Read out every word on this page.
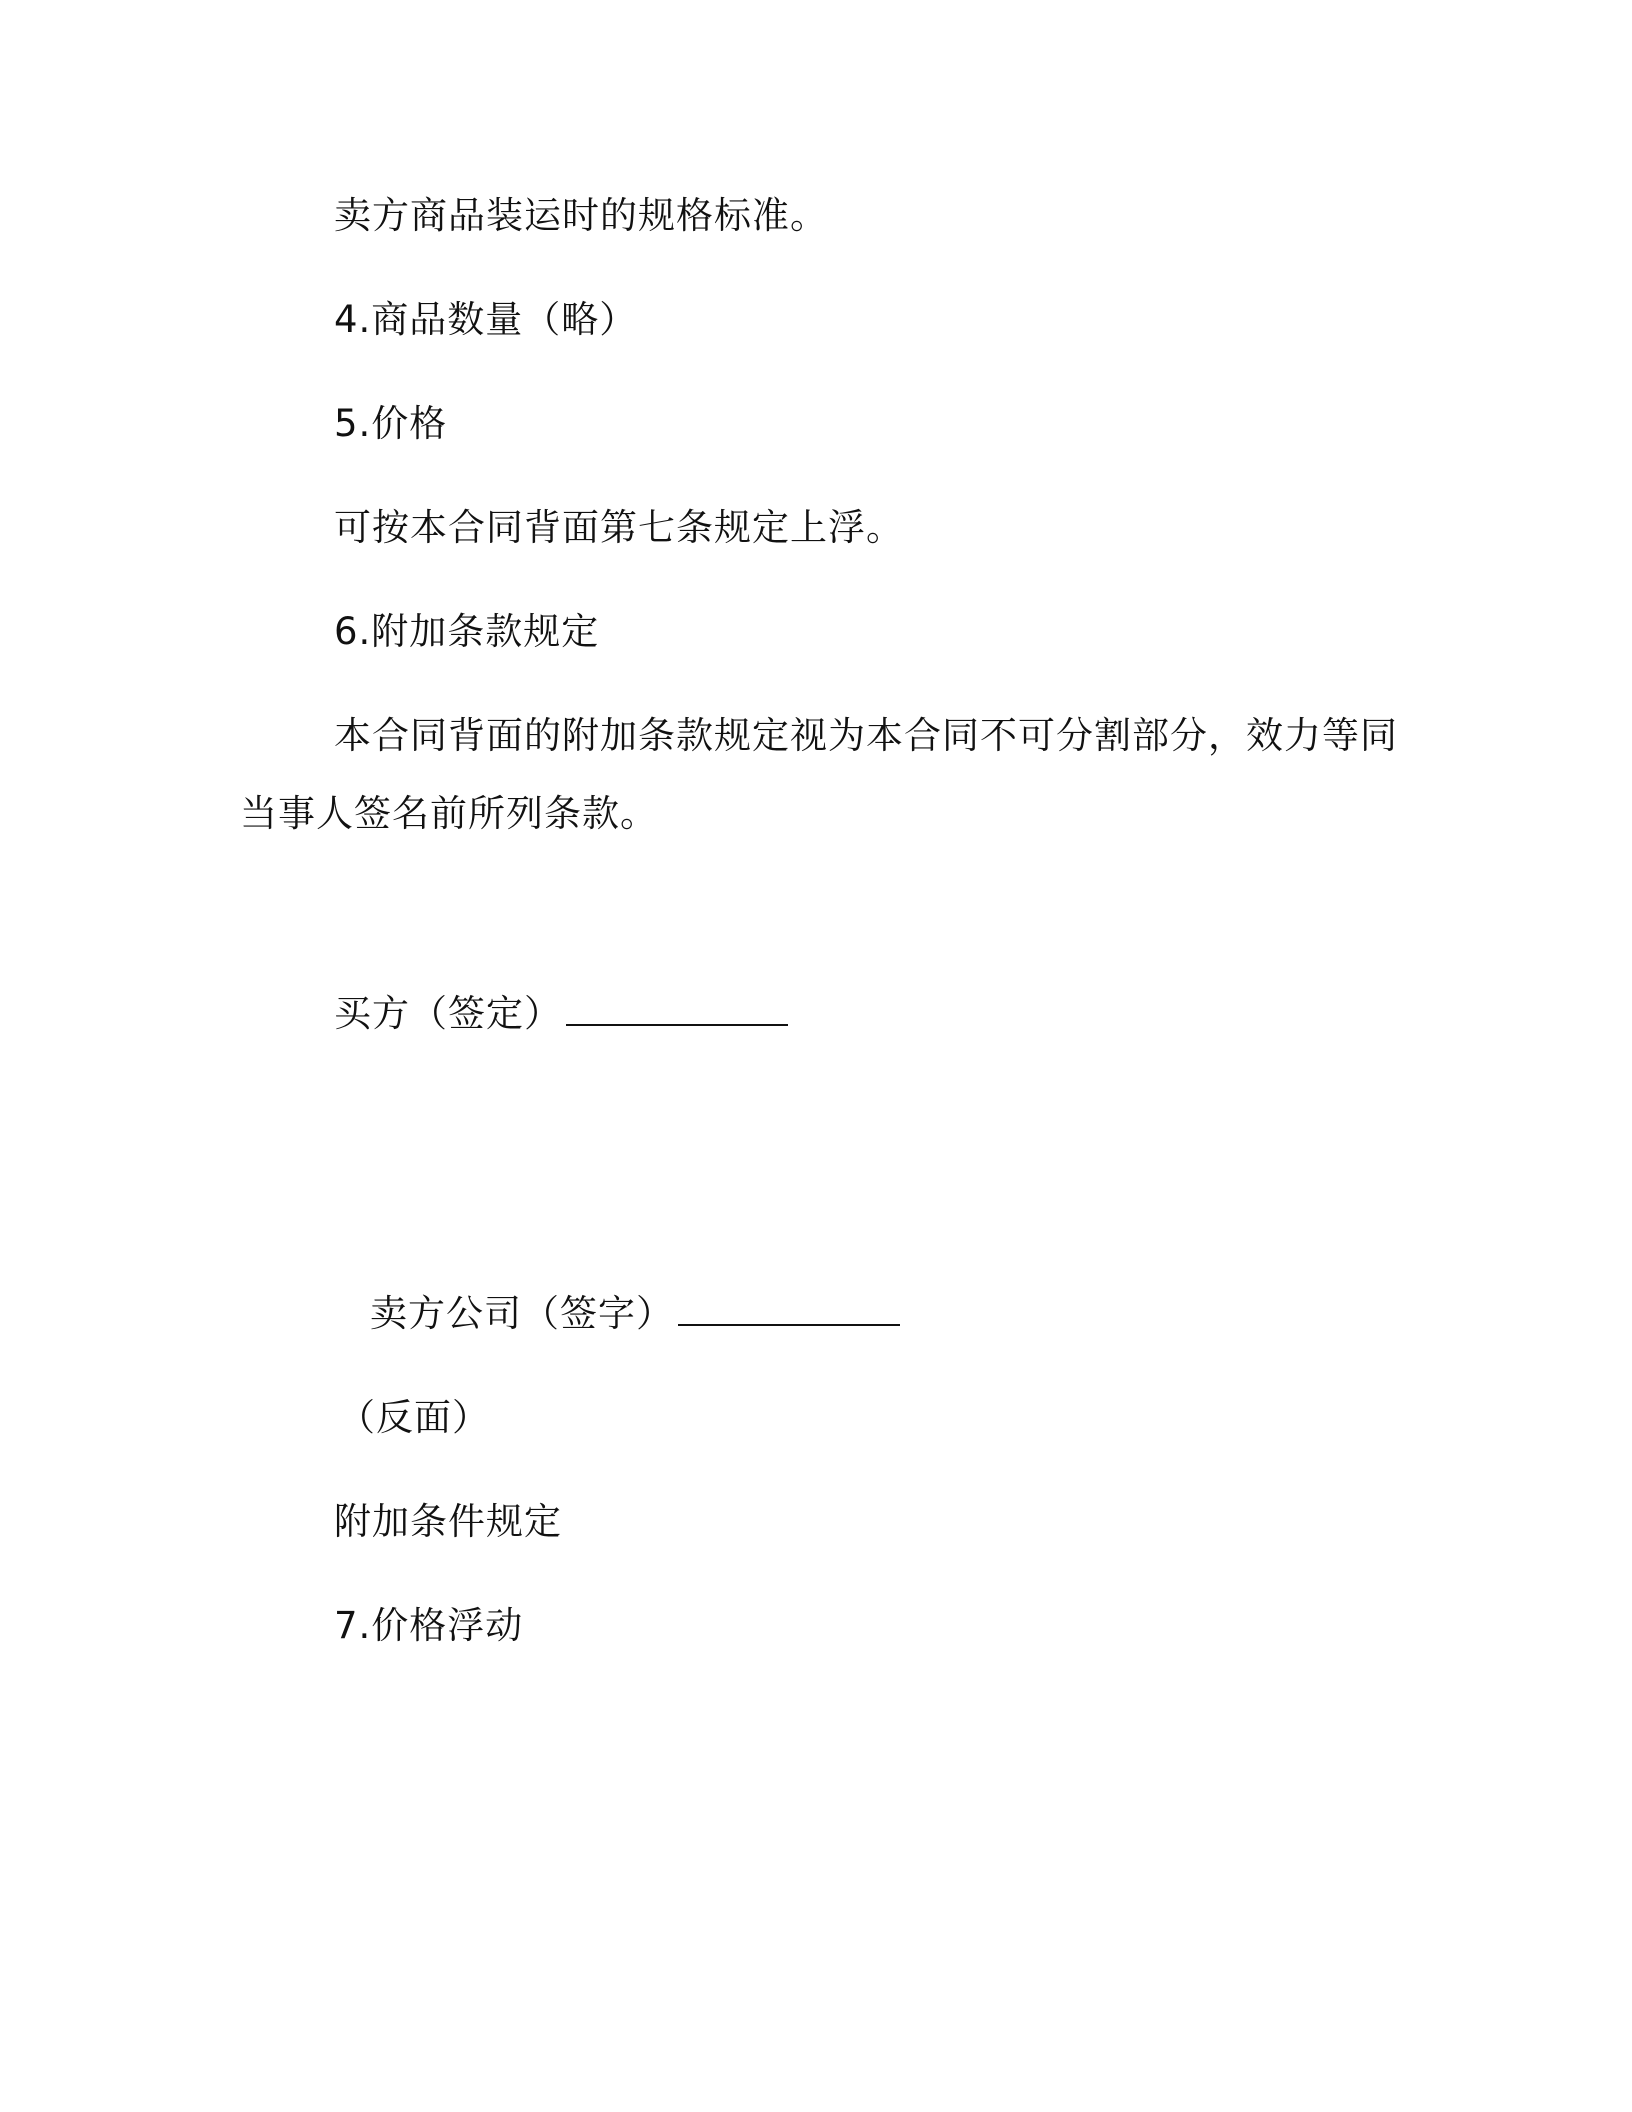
卖方商品装运时的规格标准。
4.商品数量（略）
5.价格
可按本合同背面第七条规定上浮。
6.附加条款规定
本合同背面的附加条款规定视为本合同不可分割部分，效力等同
当事人签名前所列条款。
买方（签定）
卖方公司（签字）
（反面）
附加条件规定
7.价格浮动
